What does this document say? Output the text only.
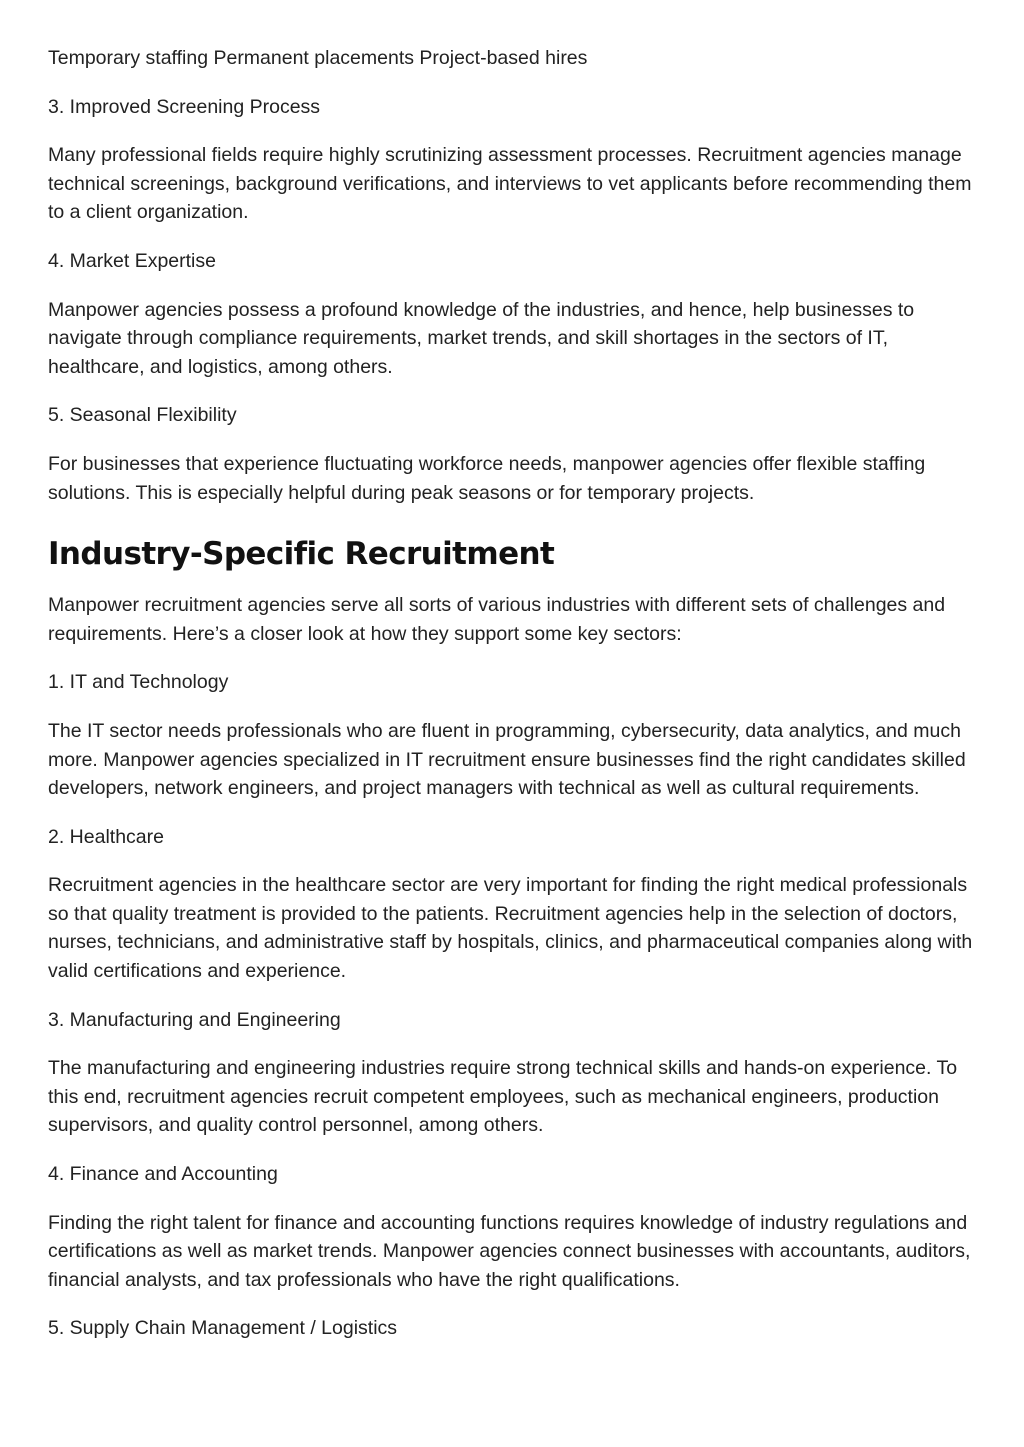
Temporary staffing Permanent placements Project-based hires

3. Improved Screening Process

Many professional fields require highly scrutinizing assessment processes. Recruitment agencies manage technical screenings, background verifications, and interviews to vet applicants before recommending them to a client organization.

4. Market Expertise

Manpower agencies possess a profound knowledge of the industries, and hence, help businesses to navigate through compliance requirements, market trends, and skill shortages in the sectors of IT, healthcare, and logistics, among others.

5. Seasonal Flexibility

For businesses that experience fluctuating workforce needs, manpower agencies offer flexible staffing solutions. This is especially helpful during peak seasons or for temporary projects.

Industry-Specific Recruitment

Manpower recruitment agencies serve all sorts of various industries with different sets of challenges and requirements. Here’s a closer look at how they support some key sectors:

1. IT and Technology

The IT sector needs professionals who are fluent in programming, cybersecurity, data analytics, and much more. Manpower agencies specialized in IT recruitment ensure businesses find the right candidates skilled developers, network engineers, and project managers with technical as well as cultural requirements.

2. Healthcare

Recruitment agencies in the healthcare sector are very important for finding the right medical professionals so that quality treatment is provided to the patients. Recruitment agencies help in the selection of doctors, nurses, technicians, and administrative staff by hospitals, clinics, and pharmaceutical companies along with valid certifications and experience.

3. Manufacturing and Engineering

The manufacturing and engineering industries require strong technical skills and hands-on experience. To this end, recruitment agencies recruit competent employees, such as mechanical engineers, production supervisors, and quality control personnel, among others.

4. Finance and Accounting

Finding the right talent for finance and accounting functions requires knowledge of industry regulations and certifications as well as market trends. Manpower agencies connect businesses with accountants, auditors, financial analysts, and tax professionals who have the right qualifications.

5. Supply Chain Management / Logistics
